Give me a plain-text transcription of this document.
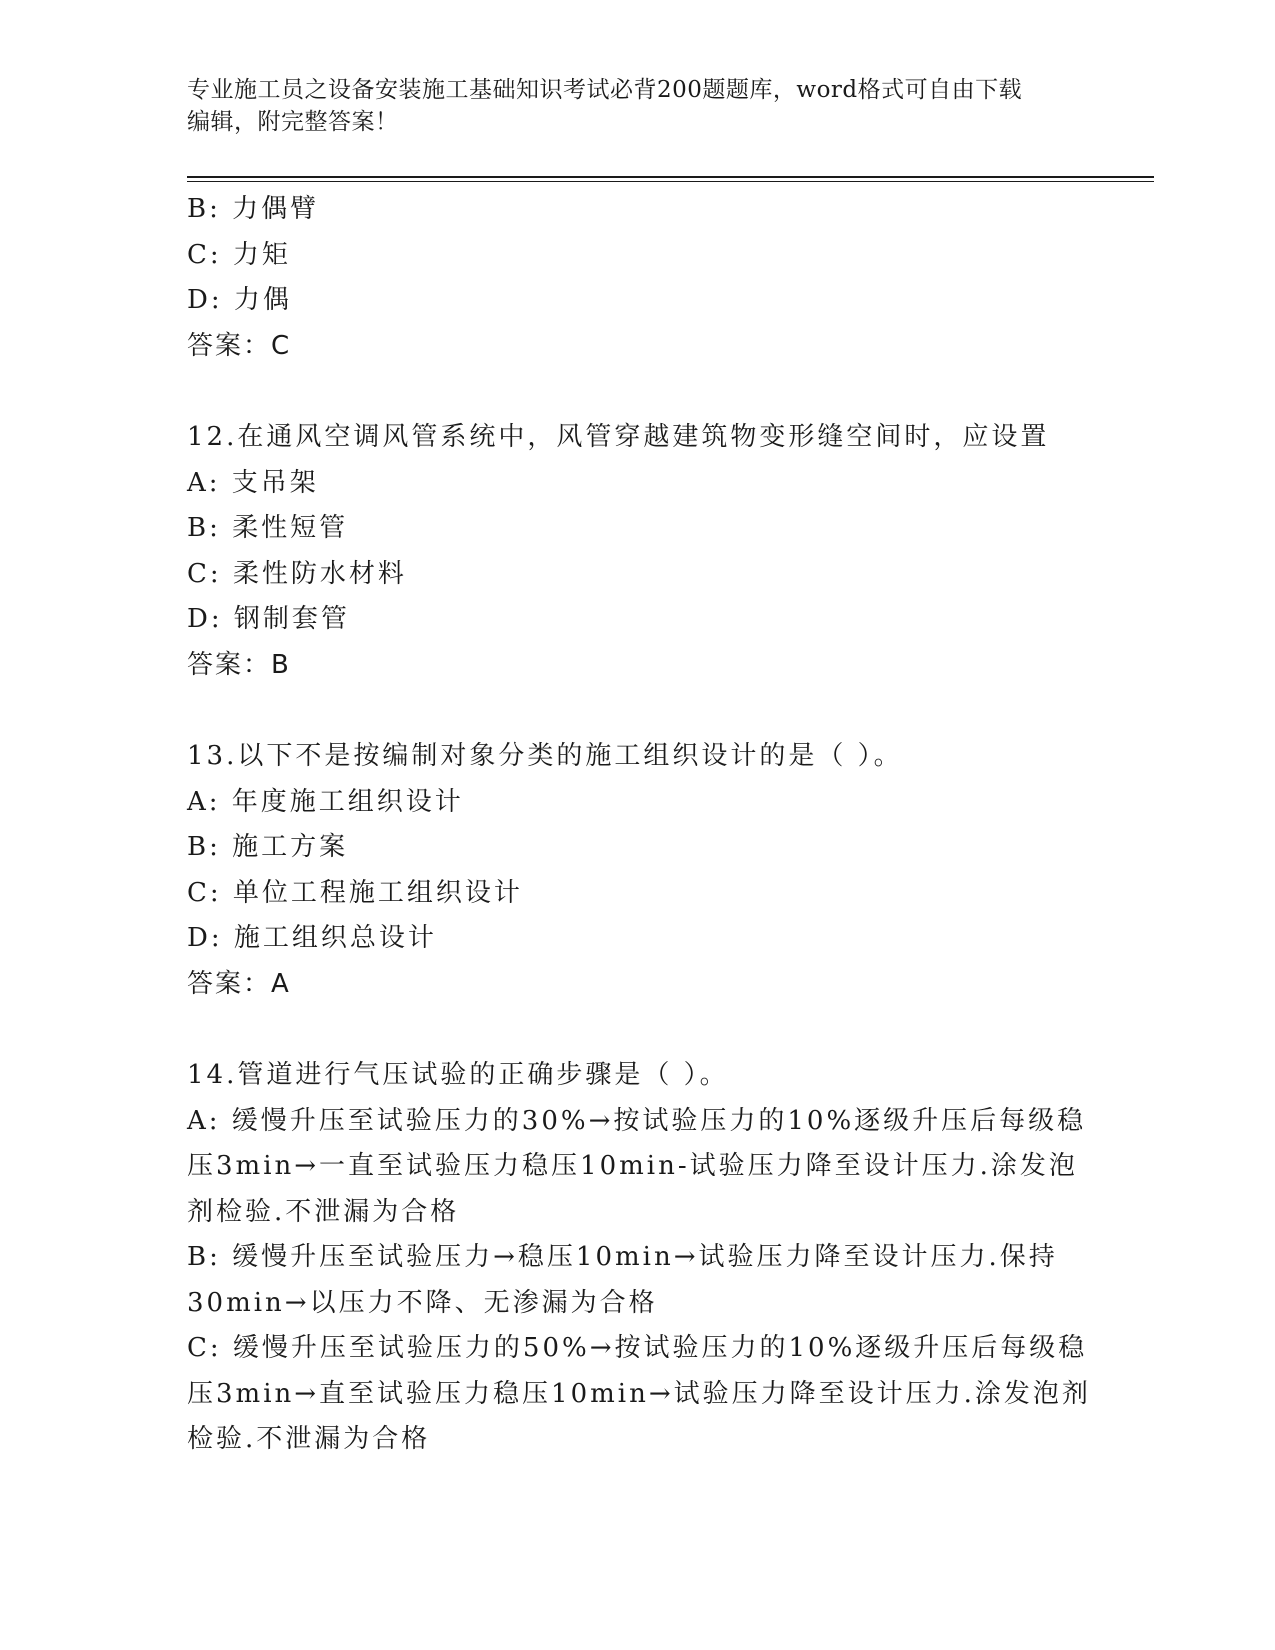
专业施工员之设备安装施工基础知识考试必背200题题库，word格式可自由下载
编辑，附完整答案！
B: 力偶臂
C: 力矩
D: 力偶
答案：C
12.在通风空调风管系统中，风管穿越建筑物变形缝空间时，应设置
A: 支吊架
B: 柔性短管
C: 柔性防水材料
D: 钢制套管
答案：B
13.以下不是按编制对象分类的施工组织设计的是（ ）。
A: 年度施工组织设计
B: 施工方案
C: 单位工程施工组织设计
D: 施工组织总设计
答案：A
14.管道进行气压试验的正确步骤是（ ）。
A: 缓慢升压至试验压力的30%→按试验压力的10%逐级升压后每级稳
压3min→一直至试验压力稳压10min-试验压力降至设计压力.涂发泡
剂检验.不泄漏为合格
B: 缓慢升压至试验压力→稳压10min→试验压力降至设计压力.保持
30min→以压力不降、无渗漏为合格
C: 缓慢升压至试验压力的50%→按试验压力的10%逐级升压后每级稳
压3min→直至试验压力稳压10min→试验压力降至设计压力.涂发泡剂
检验.不泄漏为合格
